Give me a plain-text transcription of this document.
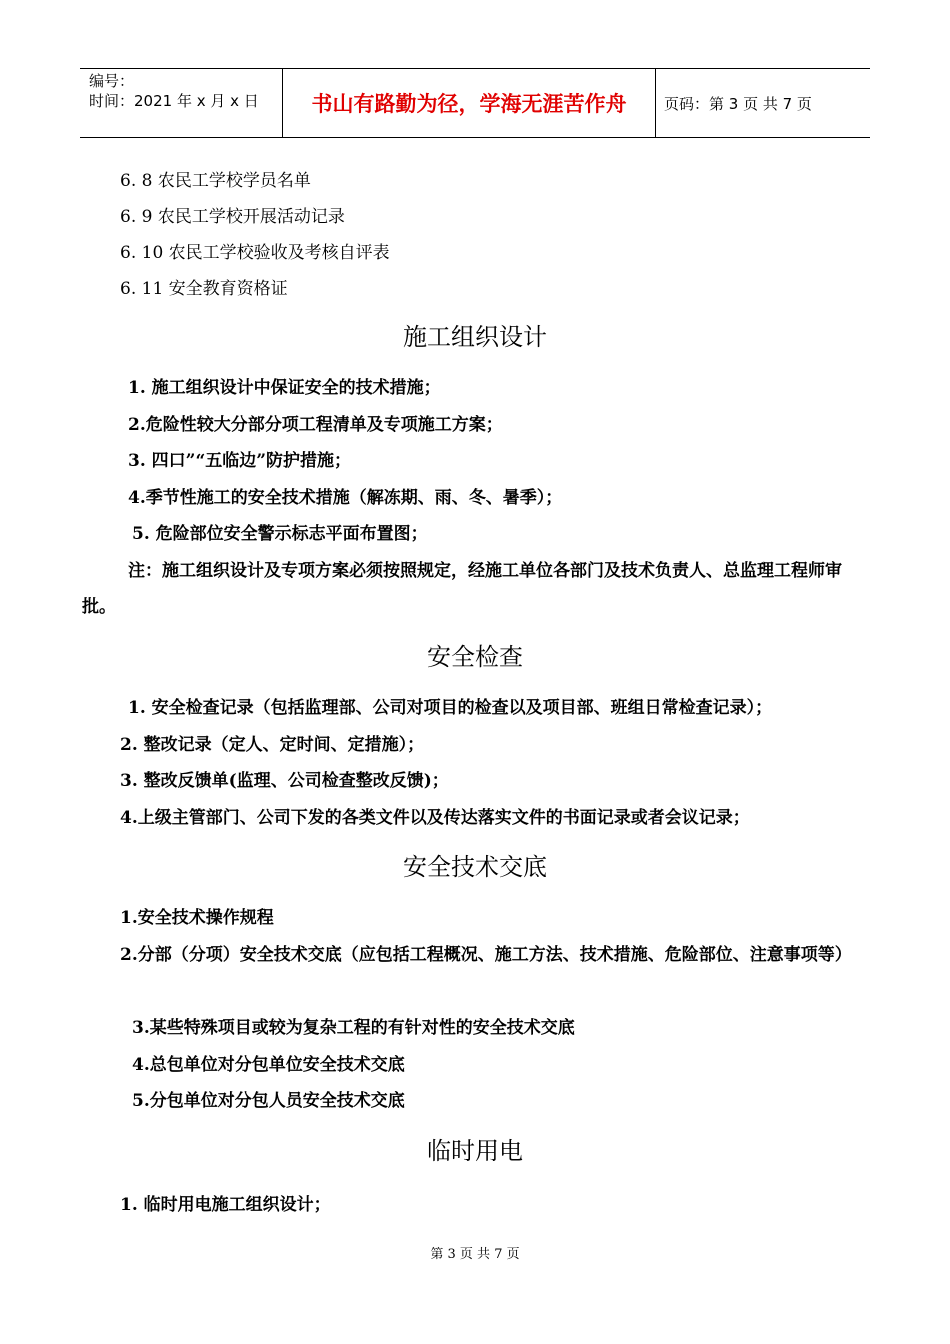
编号：
时间：2021 年 x 月 x 日	书山有路勤为径，学海无涯苦作舟	页码：第 3 页 共 7 页
6. 8 农民工学校学员名单
6. 9 农民工学校开展活动记录
6. 10 农民工学校验收及考核自评表
6. 11 安全教育资格证
施工组织设计
1. 施工组织设计中保证安全的技术措施；
2.危险性较大分部分项工程清单及专项施工方案；
3. 四口”“五临边”防护措施；
4.季节性施工的安全技术措施（解冻期、雨、冬、暑季）；
5. 危险部位安全警示标志平面布置图；
注：施工组织设计及专项方案必须按照规定，经施工单位各部门及技术负责人、总监理工程师审批。
安全检查
1. 安全检查记录（包括监理部、公司对项目的检查以及项目部、班组日常检查记录）；
2. 整改记录（定人、定时间、定措施）；
3. 整改反馈单(监理、公司检查整改反馈)；
4.上级主管部门、公司下发的各类文件以及传达落实文件的书面记录或者会议记录；
安全技术交底
1.安全技术操作规程
2.分部（分项）安全技术交底（应包括工程概况、施工方法、技术措施、危险部位、注意事项等）
3.某些特殊项目或较为复杂工程的有针对性的安全技术交底
4.总包单位对分包单位安全技术交底
5.分包单位对分包人员安全技术交底
临时用电
1. 临时用电施工组织设计；
第 3 页 共 7 页
